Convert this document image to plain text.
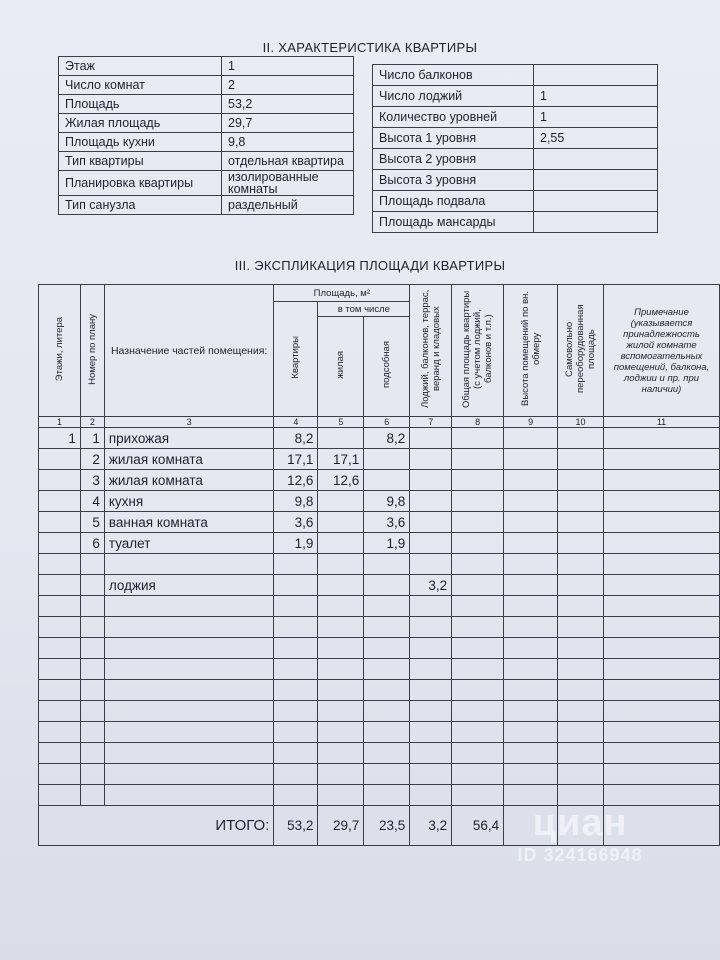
II. ХАРАКТЕРИСТИКА КВАРТИРЫ
Этаж	1
Число комнат	2
Площадь	53,2
Жилая площадь	29,7
Площадь кухни	9,8
Тип квартиры	отдельная квартира
Планировка квартиры	изолированные комнаты
Тип санузла	раздельный
Число балконов	
Число лоджий	1
Количество уровней	1
Высота 1 уровня	2,55
Высота 2 уровня	
Высота 3 уровня	
Площадь подвала	
Площадь мансарды	
III. ЭКСПЛИКАЦИЯ ПЛОЩАДИ КВАРТИРЫ
Этажи, литера	Номер по плану	Назначение частей помещения:	Площадь, м²			Лоджий, балконов, террас, веранд и кладовых	Общая площадь квартиры (с учетом лоджий, балконов и т.п.)	Высота помещений по вн. обмеру	Самовольно переоборудованная площадь	Примечание (указывается принадлежность жилой комнате вспомогательных помещений, балкона, лоджии и пр. при наличии)
			Квартиры	в том числе						
				жилая	подсобная					
1	2	3	4	5	6	7	8	9	10	11
1	1	прихожая	8,2		8,2					
	2	жилая комната	17,1	17,1						
	3	жилая комната	12,6	12,6						
	4	кухня	9,8		9,8					
	5	ванная комната	3,6		3,6					
	6	туалет	1,9		1,9					

		лоджия				3,2				

ИТОГО:			53,2	29,7	23,5	3,2	56,4			циан
ID 324166948
